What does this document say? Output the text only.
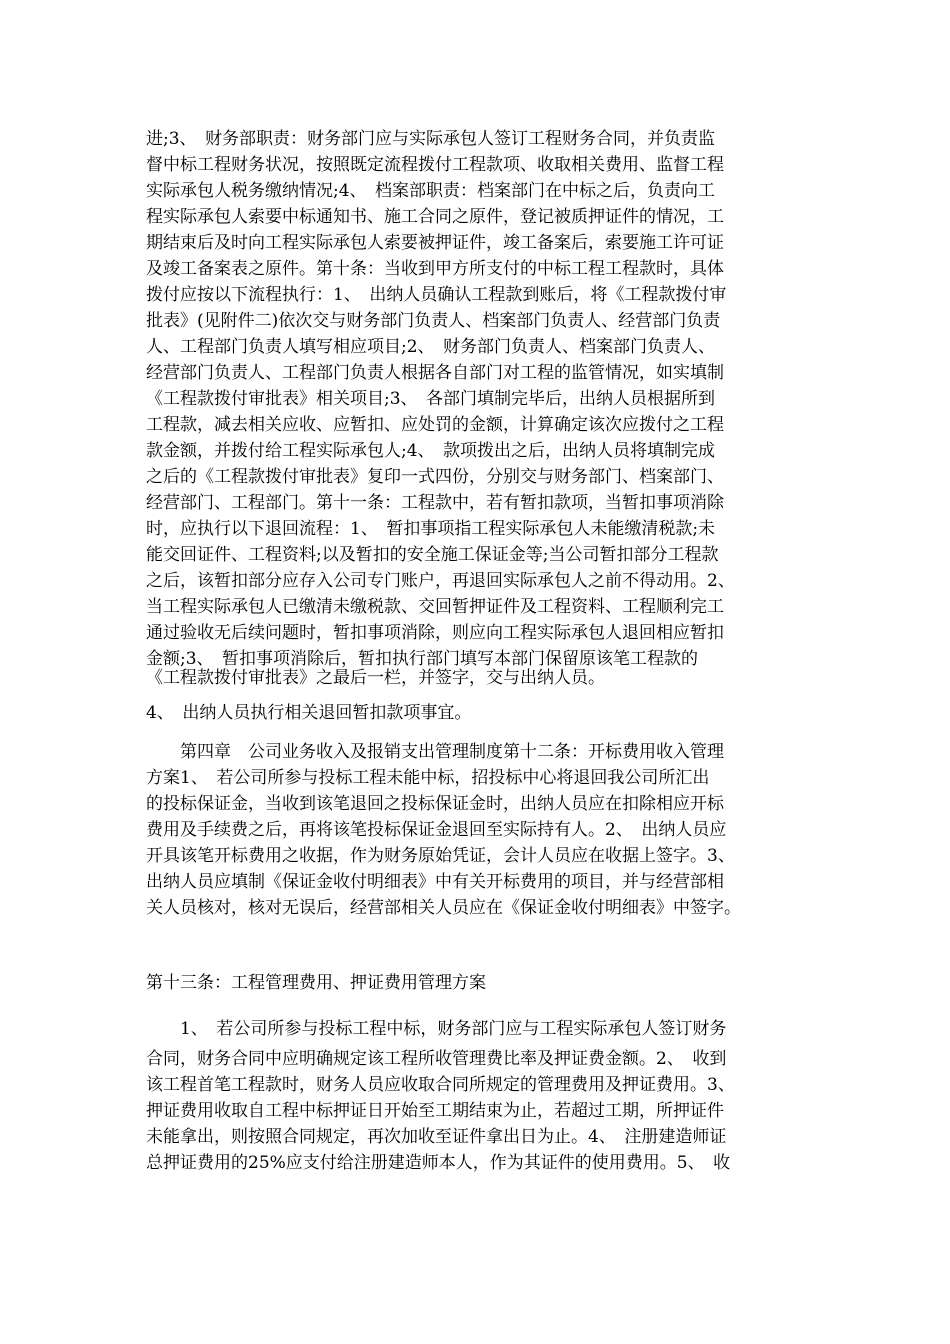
进;3、　财务部职责：财务部门应与实际承包人签订工程财务合同，并负责监
督中标工程财务状况，按照既定流程拨付工程款项、收取相关费用、监督工程
实际承包人税务缴纳情况;4、　档案部职责：档案部门在中标之后，负责向工
程实际承包人索要中标通知书、施工合同之原件，登记被质押证件的情况，工
期结束后及时向工程实际承包人索要被押证件，竣工备案后，索要施工许可证
及竣工备案表之原件。第十条：当收到甲方所支付的中标工程工程款时，具体
拨付应按以下流程执行：1、　出纳人员确认工程款到账后，将《工程款拨付审
批表》(见附件二)依次交与财务部门负责人、档案部门负责人、经营部门负责
人、工程部门负责人填写相应项目;2、　财务部门负责人、档案部门负责人、
经营部门负责人、工程部门负责人根据各自部门对工程的监管情况，如实填制
《工程款拨付审批表》相关项目;3、　各部门填制完毕后，出纳人员根据所到
工程款，减去相关应收、应暂扣、应处罚的金额，计算确定该次应拨付之工程
款金额，并拨付给工程实际承包人;4、　款项拨出之后，出纳人员将填制完成
之后的《工程款拨付审批表》复印一式四份，分别交与财务部门、档案部门、
经营部门、工程部门。第十一条：工程款中，若有暂扣款项，当暂扣事项消除
时，应执行以下退回流程：1、　暂扣事项指工程实际承包人未能缴清税款;未
能交回证件、工程资料;以及暂扣的安全施工保证金等;当公司暂扣部分工程款
之后，该暂扣部分应存入公司专门账户，再退回实际承包人之前不得动用。2、
当工程实际承包人已缴清未缴税款、交回暂押证件及工程资料、工程顺利完工
通过验收无后续问题时，暂扣事项消除，则应向工程实际承包人退回相应暂扣
金额;3、　暂扣事项消除后，暂扣执行部门填写本部门保留原该笔工程款的
《工程款拨付审批表》之最后一栏，并签字，交与出纳人员。
4、　出纳人员执行相关退回暂扣款项事宜。
　　第四章　公司业务收入及报销支出管理制度第十二条：开标费用收入管理
方案1、　若公司所参与投标工程未能中标，招投标中心将退回我公司所汇出
的投标保证金，当收到该笔退回之投标保证金时，出纳人员应在扣除相应开标
费用及手续费之后，再将该笔投标保证金退回至实际持有人。2、　出纳人员应
开具该笔开标费用之收据，作为财务原始凭证，会计人员应在收据上签字。3、
出纳人员应填制《保证金收付明细表》中有关开标费用的项目，并与经营部相
关人员核对，核对无误后，经营部相关人员应在《保证金收付明细表》中签字。
第十三条：工程管理费用、押证费用管理方案
　　1、　若公司所参与投标工程中标，财务部门应与工程实际承包人签订财务
合同，财务合同中应明确规定该工程所收管理费比率及押证费金额。2、　收到
该工程首笔工程款时，财务人员应收取合同所规定的管理费用及押证费用。3、
押证费用收取自工程中标押证日开始至工期结束为止，若超过工期，所押证件
未能拿出，则按照合同规定，再次加收至证件拿出日为止。4、　注册建造师证
总押证费用的25%应支付给注册建造师本人，作为其证件的使用费用。5、　收
